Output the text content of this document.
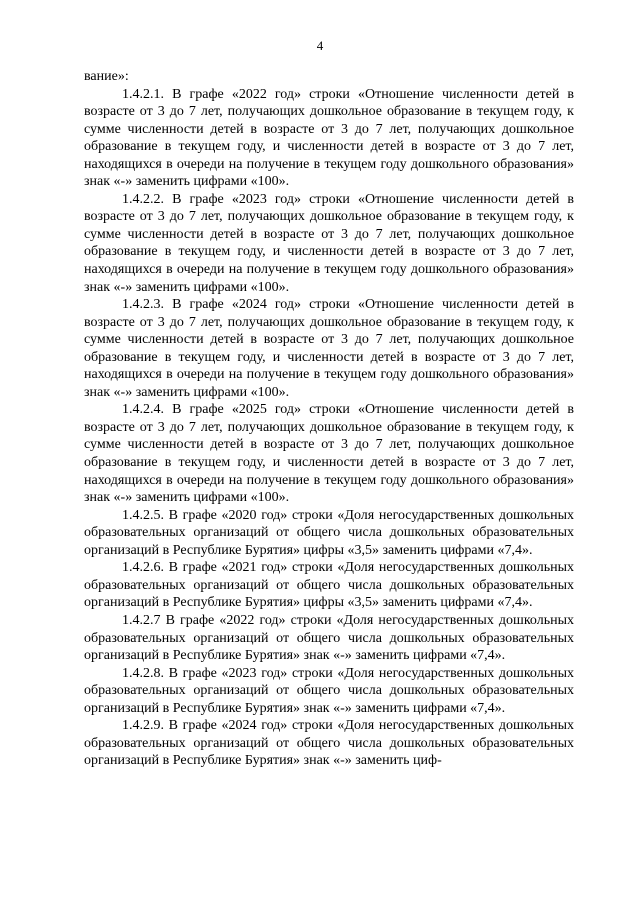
4

вание»:

1.4.2.1. В графе «2022 год» строки «Отношение численности детей в возрасте от 3 до 7 лет, получающих дошкольное образование в текущем году, к сумме численности детей в возрасте от 3 до 7 лет, получающих дошкольное образование в текущем году, и численности детей в возрасте от 3 до 7 лет, находящихся в очереди на получение в текущем году дошкольного образования» знак «-» заменить цифрами «100».

1.4.2.2. В графе «2023 год» строки «Отношение численности детей в возрасте от 3 до 7 лет, получающих дошкольное образование в текущем году, к сумме численности детей в возрасте от 3 до 7 лет, получающих дошкольное образование в текущем году, и численности детей в возрасте от 3 до 7 лет, находящихся в очереди на получение в текущем году дошкольного образования» знак «-» заменить цифрами «100».

1.4.2.3. В графе «2024 год» строки «Отношение численности детей в возрасте от 3 до 7 лет, получающих дошкольное образование в текущем году, к сумме численности детей в возрасте от 3 до 7 лет, получающих дошкольное образование в текущем году, и численности детей в возрасте от 3 до 7 лет, находящихся в очереди на получение в текущем году дошкольного образования» знак «-» заменить цифрами «100».

1.4.2.4. В графе «2025 год» строки «Отношение численности детей в возрасте от 3 до 7 лет, получающих дошкольное образование в текущем году, к сумме численности детей в возрасте от 3 до 7 лет, получающих дошкольное образование в текущем году, и численности детей в возрасте от 3 до 7 лет, находящихся в очереди на получение в текущем году дошкольного образования» знак «-» заменить цифрами «100».

1.4.2.5. В графе «2020 год» строки «Доля негосударственных дошкольных образовательных организаций от общего числа дошкольных образовательных организаций в Республике Бурятия» цифры «3,5» заменить цифрами «7,4».

1.4.2.6. В графе «2021 год» строки «Доля негосударственных дошкольных образовательных организаций от общего числа дошкольных образовательных организаций в Республике Бурятия» цифры «3,5» заменить цифрами «7,4».

1.4.2.7 В графе «2022 год» строки «Доля негосударственных дошкольных образовательных организаций от общего числа дошкольных образовательных организаций в Республике Бурятия» знак «-» заменить цифрами «7,4».

1.4.2.8. В графе «2023 год» строки «Доля негосударственных дошкольных образовательных организаций от общего числа дошкольных образовательных организаций в Республике Бурятия» знак «-» заменить цифрами «7,4».

1.4.2.9. В графе «2024 год» строки «Доля негосударственных дошкольных образовательных организаций от общего числа дошкольных образовательных организаций в Республике Бурятия» знак «-» заменить циф-
